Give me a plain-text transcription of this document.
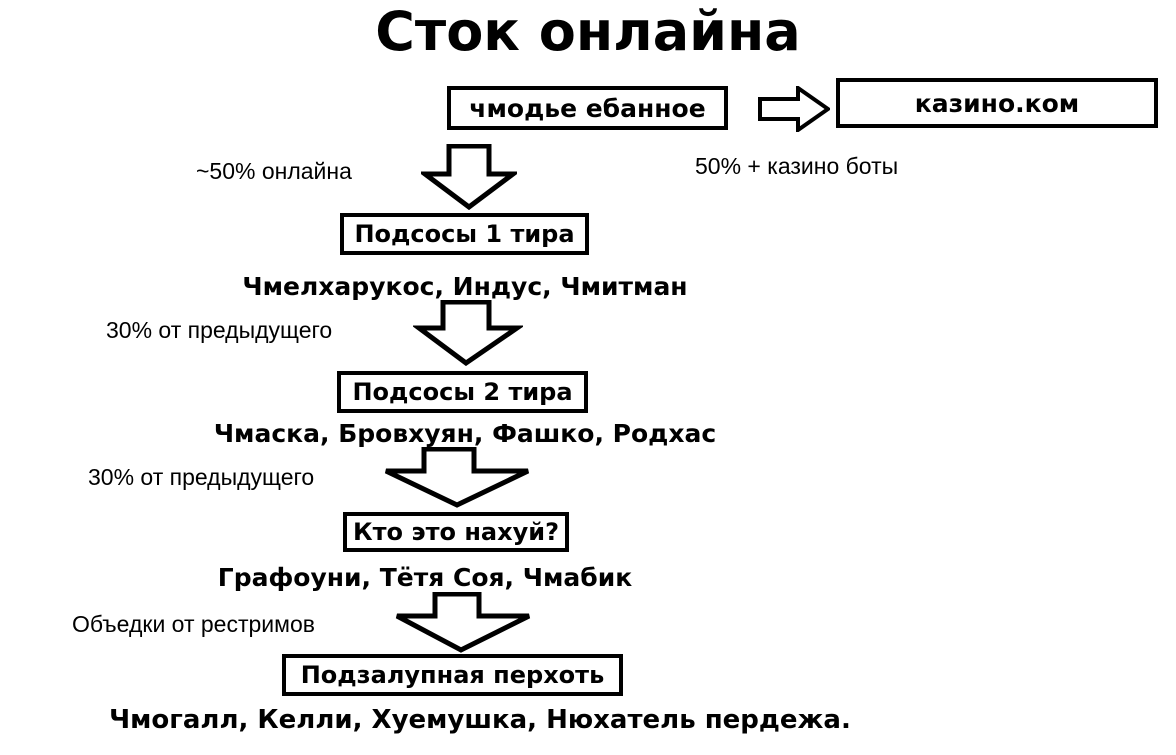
Сток онлайна
чмодье ебанное	казино.ком
50% + казино боты
~50% онлайна
Подсосы 1 тира
Чмелхарукос, Индус, Чмитман
30% от предыдущего
Подсосы 2 тира
Чмаска, Бровхуян, Фашко, Родхас
30% от предыдущего
Кто это нахуй?
Графоуни, Тётя Соя, Чмабик
Объедки от рестримов
Подзалупная перхоть
Чмогалл, Келли, Хуемушка, Нюхатель пердежа.
